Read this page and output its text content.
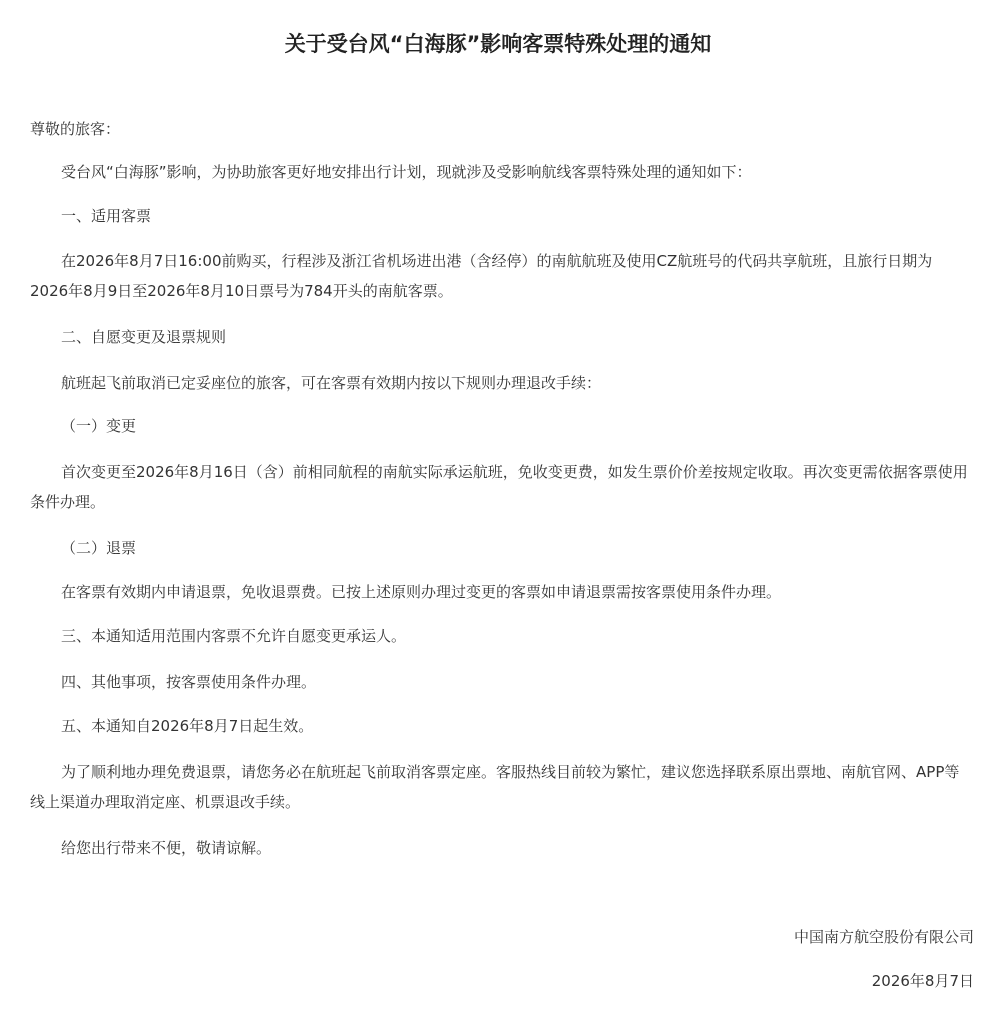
关于受台风“白海豚”影响客票特殊处理的通知

尊敬的旅客：

受台风“白海豚”影响，为协助旅客更好地安排出行计划，现就涉及受影响航线客票特殊处理的通知如下：

一、适用客票

在2026年8月7日16:00前购买，行程涉及浙江省机场进出港（含经停）的南航航班及使用CZ航班号的代码共享航班，且旅行日期为2026年8月9日至2026年8月10日票号为784开头的南航客票。

二、自愿变更及退票规则

航班起飞前取消已定妥座位的旅客，可在客票有效期内按以下规则办理退改手续：

（一）变更

首次变更至2026年8月16日（含）前相同航程的南航实际承运航班，免收变更费，如发生票价价差按规定收取。再次变更需依据客票使用条件办理。

（二）退票

在客票有效期内申请退票，免收退票费。已按上述原则办理过变更的客票如申请退票需按客票使用条件办理。

三、本通知适用范围内客票不允许自愿变更承运人。

四、其他事项，按客票使用条件办理。

五、本通知自2026年8月7日起生效。

为了顺利地办理免费退票，请您务必在航班起飞前取消客票定座。客服热线目前较为繁忙，建议您选择联系原出票地、南航官网、APP等线上渠道办理取消定座、机票退改手续。

给您出行带来不便，敬请谅解。

中国南方航空股份有限公司

2026年8月7日
